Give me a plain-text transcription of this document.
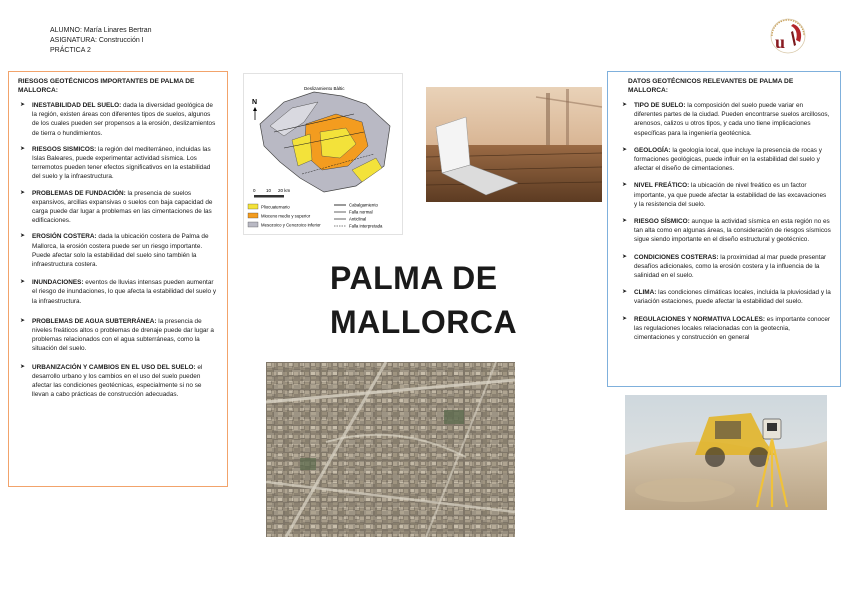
ALUMNO: María Linares Bertran
ASIGNATURA: Construcción I
PRÁCTICA 2	u
RIESGOS GEOTÉCNICOS IMPORTANTES DE PALMA DE MALLORCA:
➤ INESTABILIDAD DEL SUELO: dada la diversidad geológica de la región, existen áreas con diferentes tipos de suelos, algunos de los cuales pueden ser propensos a la erosión, deslizamientos de tierra o hundimientos.
➤ RIESGOS SISMICOS: la región del mediterráneo, incluidas las Islas Baleares, puede experimentar actividad sísmica. Los terremotos pueden tener efectos significativos en la estabilidad del suelo y la infraestructura.
➤ PROBLEMAS DE FUNDACIÓN: la presencia de suelos expansivos, arcillas expansivas o suelos con baja capacidad de carga puede dar lugar a problemas en las cimentaciones de las edificaciones.
➤ EROSIÓN COSTERA: dada la ubicación costera de Palma de Mallorca, la erosión costera puede ser un riesgo importante. Puede afectar solo la estabilidad del suelo sino también la infraestructura costera.
➤ INUNDACIONES: eventos de lluvias intensas pueden aumentar el riesgo de inundaciones, lo que afecta la estabilidad del suelo y la infraestructura.
➤ PROBLEMAS DE AGUA SUBTERRÁNEA: la presencia de niveles freáticos altos o problemas de drenaje puede dar lugar a problemas relacionados con el agua subterráneas, como la situación del suelo.
➤ URBANIZACIÓN Y CAMBIOS EN EL USO DEL SUELO: el desarrollo urbano y los cambios en el uso del suelo pueden afectar las condiciones geotécnicas, especialmente si no se llevan a cabo prácticas de construcción adecuadas.
N
0 10 20 km
Deslizamiento Bàltic
Pliocuaternario
Mioceno medio y superior
Mesozoico y Cenozoico inferior
Cabalgamiento
Falla normal
Anticlinal
Falla interpretada
PALMA DE
MALLORCA
DATOS GEOTÉCNICOS RELEVANTES DE PALMA DE MALLORCA:
➤ TIPO DE SUELO: la composición del suelo puede variar en diferentes partes de la ciudad. Pueden encontrarse suelos arcillosos, arenosos, calizos u otros tipos, y cada uno tiene implicaciones específicas para la ingeniería geotécnica.
➤ GEOLOGÍA: la geología local, que incluye la presencia de rocas y formaciones geológicas, puede influir en la estabilidad del suelo y afectar el diseño de cimentaciones.
➤ NIVEL FREÁTICO: la ubicación de nivel freático es un factor importante, ya que puede afectar la estabilidad de las excavaciones y la resistencia del suelo.
➤ RIESGO SÍSMICO: aunque la actividad sísmica en esta región no es tan alta como en algunas áreas, la consideración de riesgos sísmicos sigue siendo importante en el diseño estructural y geotécnico.
➤ CONDICIONES COSTERAS: la proximidad al mar puede presentar desafíos adicionales, como la erosión costera y la influencia de la salinidad en el suelo.
➤ CLIMA: las condiciones climáticas locales, incluida la pluviosidad y la variación estaciones, puede afectar la estabilidad del suelo.
➤ REGULACIONES Y NORMATIVA LOCALES: es importante conocer las regulaciones locales relacionadas con la geotecnia, cimentaciones y construcción en general
